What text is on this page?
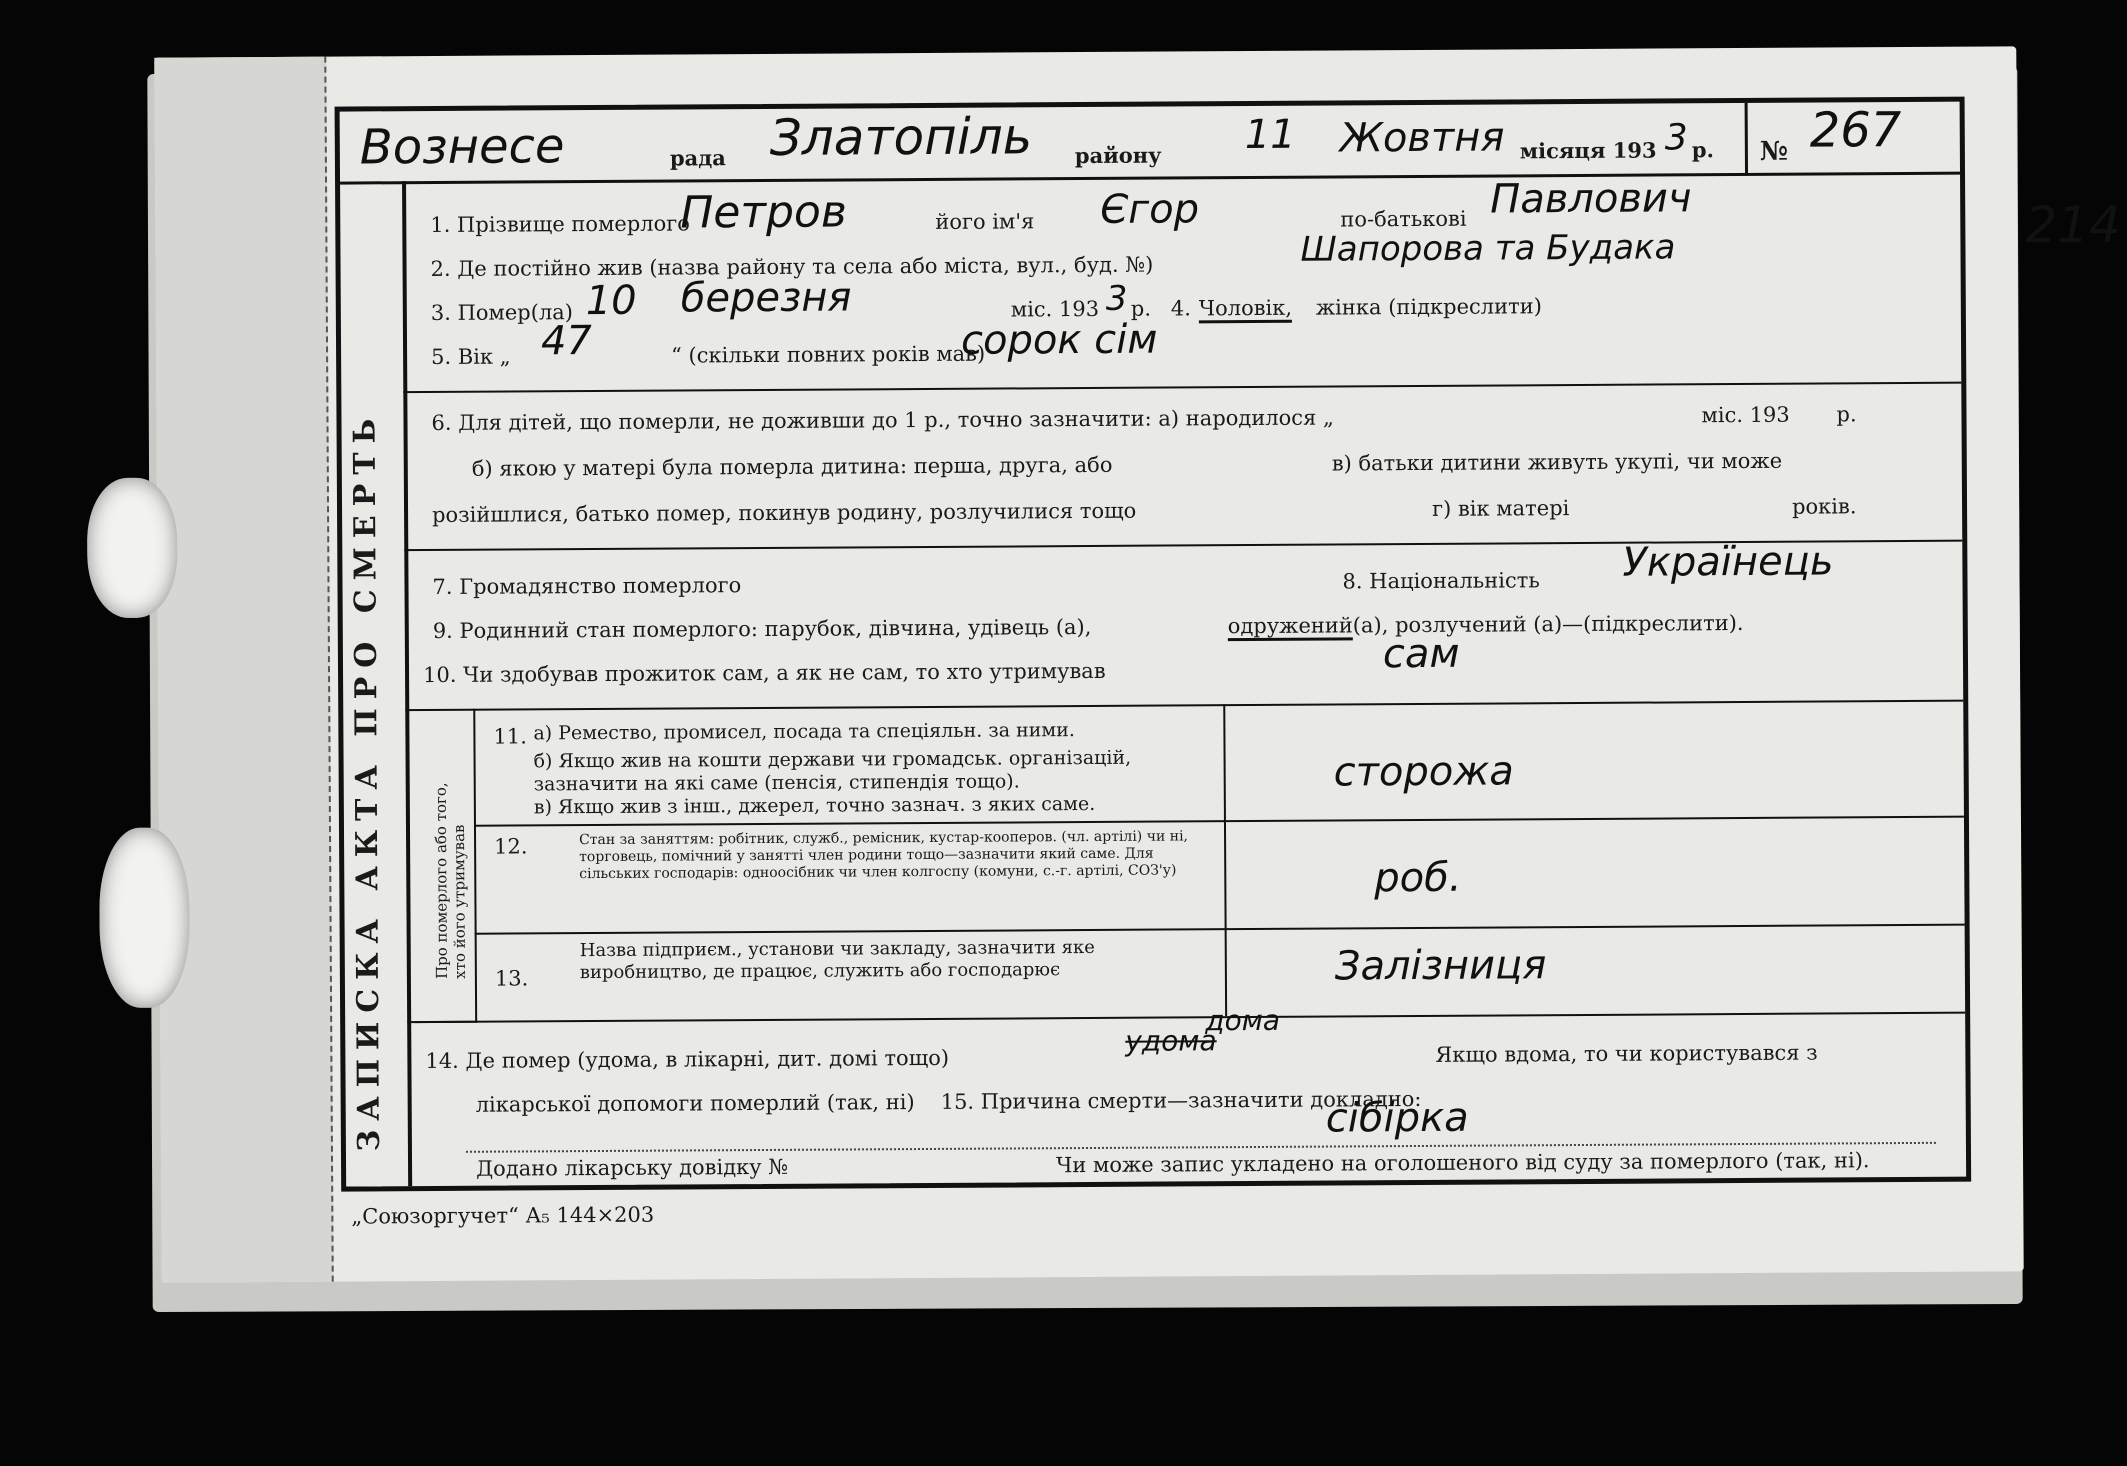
Вознесе	рада Златопіль району 11 Жовтня місяця 193 3 р. № 267
ЗАПИСКА АКТА ПРО СМЕРТЬ
1. Прізвище померлого
Петров	його ім'я Єгор	по-батькові Павлович
2. Де постійно жив (назва району та села або міста, вул., буд. №)	Шапорова та Будака
3. Помер(ла) 10 березня	міс. 193 3 р. 4. Чоловік, жінка (підкреслити)
5. Вік „ 47	“ (скільки повних років мав)
сорок сім
6. Для дітей, що померли, не доживши до 1 р., точно зазначити: а) народилося „	міс. 193 р.
б) якою у матері була померла дитина: перша, друга, або	в) батьки дитини живуть укупі, чи може
розійшлися, батько помер, покинув родину, розлучилися тощо	г) вік матері	років.
7. Громадянство померлого	8. Національність Українець
9. Родинний стан померлого: парубок, дівчина, удівець (а),	одружений (а), розлучений (а)—(підкреслити).
10. Чи здобував прожиток сам, а як не сам, то хто утримував	сам
Про померлого або того, хто його утримував
11. а) Ремество, промисел, посада та спеціяльн. за ними.
б) Якщо жив на кошти держави чи громадськ. організацій, зазначити на які саме (пенсія, стипендія тощо).
в) Якщо жив з інш., джерел, точно зазнач. з яких саме.
сторожа
12.	Стан за заняттям: робітник, служб., ремісник, кустар-кооперов. (чл. артілі) чи ні, торговець, помічний у занятті член родини тощо—зазначити який саме. Для сільських господарів: одноосібник чи член колгоспу (комуни, с.-г. артілі, СОЗ'у)	роб.
13.
Назва підприєм., установи чи закладу, зазначити яке виробництво, де працює, служить або господарює	Залізниця
14. Де помер (удома, в лікарні, дит. домі тощо)
удома
дома
Якщо вдома, то чи користувався з
лікарської допомоги померлий (так, ні) 15. Причина смерти—зазначити докладно:
сібірка
Додано лікарську довідку №	Чи може запис укладено на оголошеного від суду за померлого (так, ні).
214
„Союзоргучет“ А₅ 144×203
